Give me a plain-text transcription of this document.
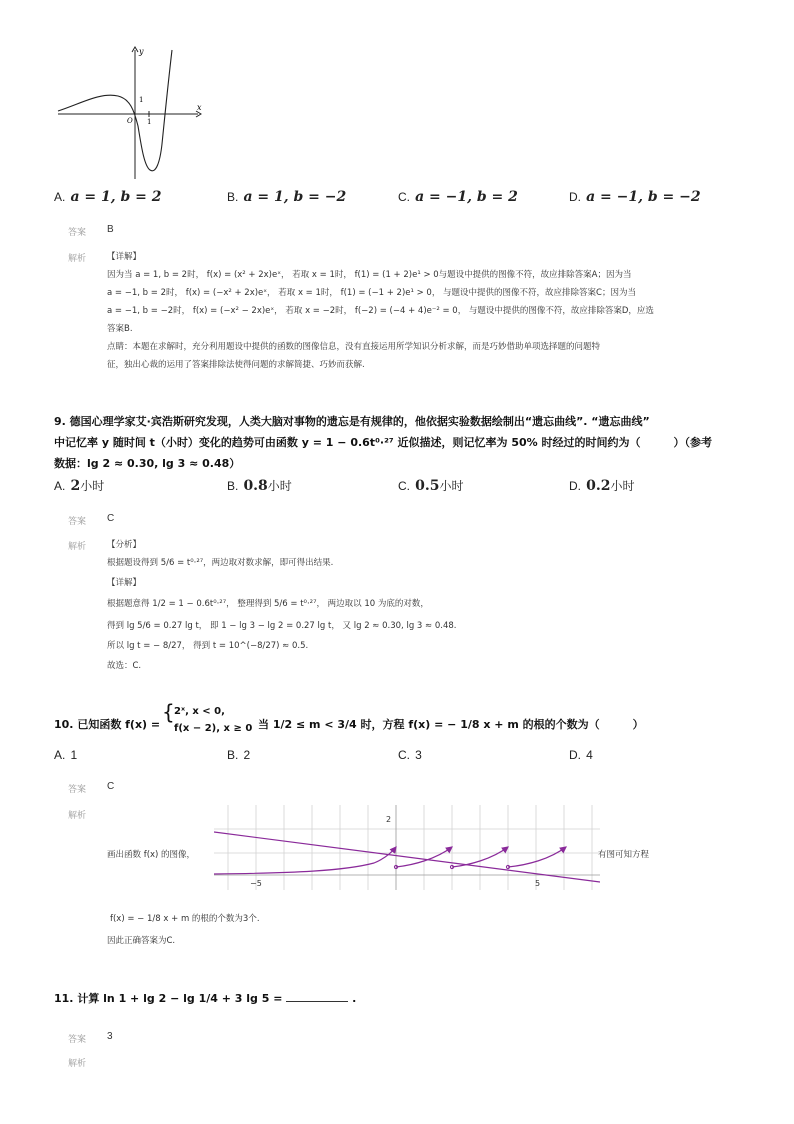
y
x
O 1
1
A. a = 1, b = 2	B. a = 1, b = −2	C. a = −1, b = 2	D. a = −1, b = −2
答案 B
解析 【详解】
因为当 a = 1, b = 2时， f(x) = (x² + 2x)eˣ， 若取 x = 1时， f(1) = (1 + 2)e¹ > 0与题设中提供的图像不符，故应排除答案A；因为当
a = −1, b = 2时， f(x) = (−x² + 2x)eˣ， 若取 x = 1时， f(1) = (−1 + 2)e¹ > 0， 与题设中提供的图像不符，故应排除答案C；因为当
a = −1, b = −2时， f(x) = (−x² − 2x)eˣ， 若取 x = −2时， f(−2) = (−4 + 4)e⁻² = 0， 与题设中提供的图像不符，故应排除答案D，应选
答案B.
点睛：本题在求解时，充分利用题设中提供的函数的图像信息，没有直接运用所学知识分析求解，而是巧妙借助单项选择题的问题特
征，独出心裁的运用了答案排除法使得问题的求解简捷、巧妙而获解.
9. 德国心理学家艾·宾浩斯研究发现，人类大脑对事物的遗忘是有规律的，他依据实验数据绘制出“遗忘曲线”. “遗忘曲线”
中记忆率 y 随时间 t（小时）变化的趋势可由函数 y = 1 − 0.6t⁰·²⁷ 近似描述，则记忆率为 50% 时经过的时间约为（　　　）（参考
数据：lg 2 ≈ 0.30, lg 3 ≈ 0.48）
A. 2小时	B. 0.8小时	C. 0.5小时	D. 0.2小时
答案 C
解析 【分析】
根据题设得到 5/6 = t⁰·²⁷，两边取对数求解，即可得出结果.
【详解】
根据题意得 1/2 = 1 − 0.6t⁰·²⁷， 整理得到 5/6 = t⁰·²⁷， 两边取以 10 为底的对数，
得到 lg 5/6 = 0.27 lg t， 即 1 − lg 3 − lg 2 = 0.27 lg t， 又 lg 2 ≈ 0.30, lg 3 ≈ 0.48.
所以 lg t = − 8/27， 得到 t = 10^(−8/27) ≈ 0.5.
故选：C.
10. 已知函数 f(x) =
{ 2ˣ, x < 0,
f(x − 2), x ≥ 0 当 1/2 ≤ m < 3/4 时，方程 f(x) = − 1/8 x + m 的根的个数为（　　　）
A. 1	B. 2	C. 3	D. 4
答案 C
解析
画出函数 f(x) 的图像，	有图可知方程
2
−5	5
f(x) = − 1/8 x + m 的根的个数为3个.
因此正确答案为C.
11. 计算 ln 1 + lg 2 − lg 1/4 + 3 lg 5 =	.
答案 3
解析
